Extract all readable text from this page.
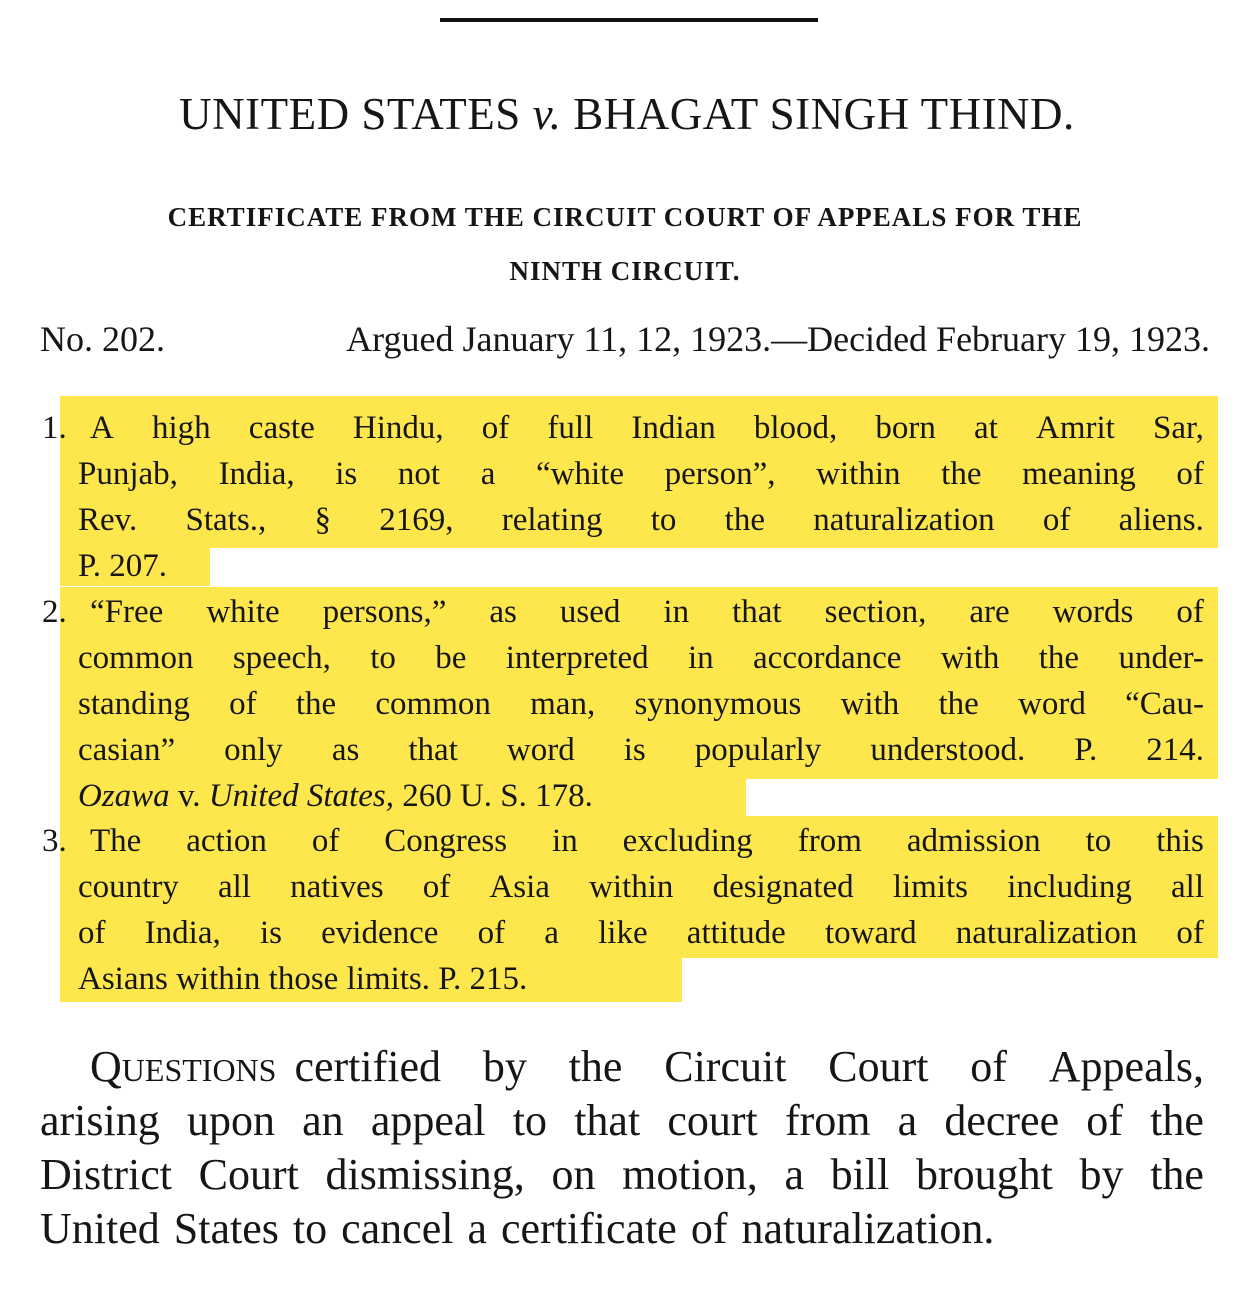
UNITED STATES v. BHAGAT SINGH THIND.
CERTIFICATE FROM THE CIRCUIT COURT OF APPEALS FOR THE
NINTH CIRCUIT.
No. 202.	Argued January 11, 12, 1923.—Decided February 19, 1923.
1. A high caste Hindu, of full Indian blood, born at Amrit Sar,
Punjab, India, is not a “white person”, within the meaning of
Rev. Stats., § 2169, relating to the naturalization of aliens.
P. 207.
2. “Free white persons,” as used in that section, are words of
common speech, to be interpreted in accordance with the under-
standing of the common man, synonymous with the word “Cau-
casian” only as that word is popularly understood. P. 214.
Ozawa v. United States, 260 U. S. 178.
3. The action of Congress in excluding from admission to this
country all natives of Asia within designated limits including all
of India, is evidence of a like attitude toward naturalization of
Asians within those limits. P. 215.
QUESTIONS certified by the Circuit Court of Appeals,
arising upon an appeal to that court from a decree of the
District Court dismissing, on motion, a bill brought by the
United States to cancel a certificate of naturalization.
